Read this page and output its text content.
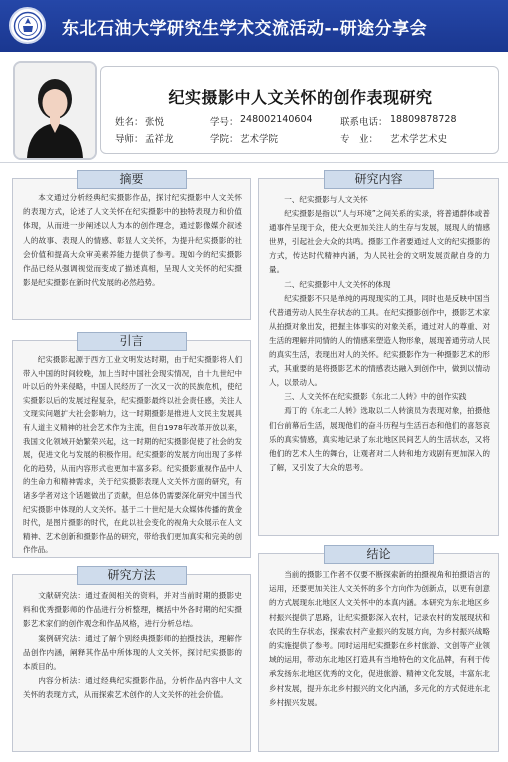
东北石油大学研究生学术交流活动--研途分享会
纪实摄影中人文关怀的创作表现研究
姓名： 张悦	学号： 248002140604	联系电话： 18809878728
导师： 孟祥龙	学院： 艺术学院	专　业： 艺术学艺术史
摘要

本文通过分析经典纪实摄影作品，探讨纪实摄影中人文关怀的表现方式，论述了人文关怀在纪实摄影中的独特表现力和价值体现，从而进一步阐述以人为本的创作理念，通过影像媒介叙述人的故事、表现人的情感、彰显人文关怀，为提升纪实摄影的社会价值和提高大众审美素养能力提供了参考。现如今的纪实摄影作品已经从强调视觉而变成了描述真相，呈现人文关怀的纪实摄影是纪实摄影在新时代发展的必然趋势。

引言

纪实摄影起源于西方工业文明发达时期，由于纪实摄影将人们带入中国的时间较晚，加上当时中国社会现实情况，自十九世纪中叶以后的外来侵略，中国人民经历了一次又一次的民族危机，使纪实摄影以后的发展过程复杂，纪实摄影最终以社会责任感，关注人文现实问题扩大社会影响力，这一时期摄影是推进人文民主发展具有人道主义精神的社会艺术作为主流，但自1978年改革开放以来，我国文化领域开始繁荣兴起，这一时期的纪实摄影促使了社会的发展，促进文化与发展的积极作用。纪实摄影的发展方向出现了多样化的趋势，从而内容形式也更加丰富多彩。纪实摄影重视作品中人的生命力和精神需求，关于纪实摄影表现人文关怀方面的研究，有诸多学者对这个话题做出了贡献，但总体仍需要深化研究中国当代纪实摄影中体现的人文关怀。基于二十世纪是大众媒体传播的黄金时代，是图片摄影的时代，在此以社会变化的视角大众展示在人文精神、艺术创新和摄影作品的研究，带给我们更加真实和完美的创作作品。

研究方法

文献研究法：通过查阅相关的资料，并对当前时期的摄影史料和优秀摄影师的作品进行分析整理，概括中外各时期的纪实摄影艺术家们的创作观念和作品风格，进行分析总结。

案例研究法：通过了解个别经典摄影师的拍摄技法，理解作品创作内涵，阐释其作品中所体现的人文关怀，探讨纪实摄影的本质目的。

内容分析法：通过经典纪实摄影作品，分析作品内容中人文关怀的表现方式，从而探索艺术创作的人文关怀的社会价值。

研究内容

一、纪实摄影与人文关怀

纪实摄影是指以“人与环境”之间关系的实录，将普通群体或普通事件呈现于众，使大众更加关注人的生存与发展，展现人的情感世界，引起社会大众的共鸣。摄影工作者要通过人文的纪实摄影的方式，传达时代精神内涵，为人民社会的文明发展贡献自身的力量。

二、纪实摄影中人文关怀的体现

纪实摄影不只是单纯的再现现实的工具，同时也是反映中国当代普通劳动人民生存状态的工具。在纪实摄影创作中，摄影艺术家从拍摄对象出发，把握主体事实的对象关系，通过对人的尊重、对生活的理解并同情的人的情感来塑造人物形象，展现普通劳动人民的真实生活，表现出对人的关怀。纪实摄影作为一种摄影艺术的形式，其重要的是将摄影艺术的情感表达融入到创作中，做到以情动人，以景动人。

三、人文关怀在纪实摄影《东北二人转》中的创作实践

焉丁的《东北二人转》选取以二人转演员为表现对象，拍摄他们台前幕后生活，展现他们的奋斗历程与生活百态和他们的喜怒哀乐的真实情感，真实地记录了东北地区民间艺人的生活状态，又将他们的艺术人生的舞台，让观者对二人转和地方戏剧有更加深入的了解，又引发了大众的思考。

结论

当前的摄影工作者不仅要不断探索新的拍摄视角和拍摄语言的运用，还要更加关注人文关怀的多个方向作为创新点，以更有创意的方式展现东北地区人文关怀中的本真内涵。本研究为东北地区乡村振兴提供了思路，让纪实摄影深入农村，记录农村的发展现状和农民的生存状态，探索农村产业振兴的发展方向，为乡村振兴战略的实施提供了参考。同时运用纪实摄影在乡村旅游、文创等产业领域的运用，带动东北地区打造具有当地特色的文化品牌，有利于传承发扬东北地区优秀的文化，促进旅游、精神文化发展，丰富东北乡村发展，提升东北乡村振兴的文化内涵，多元化的方式促进东北乡村振兴发展。
